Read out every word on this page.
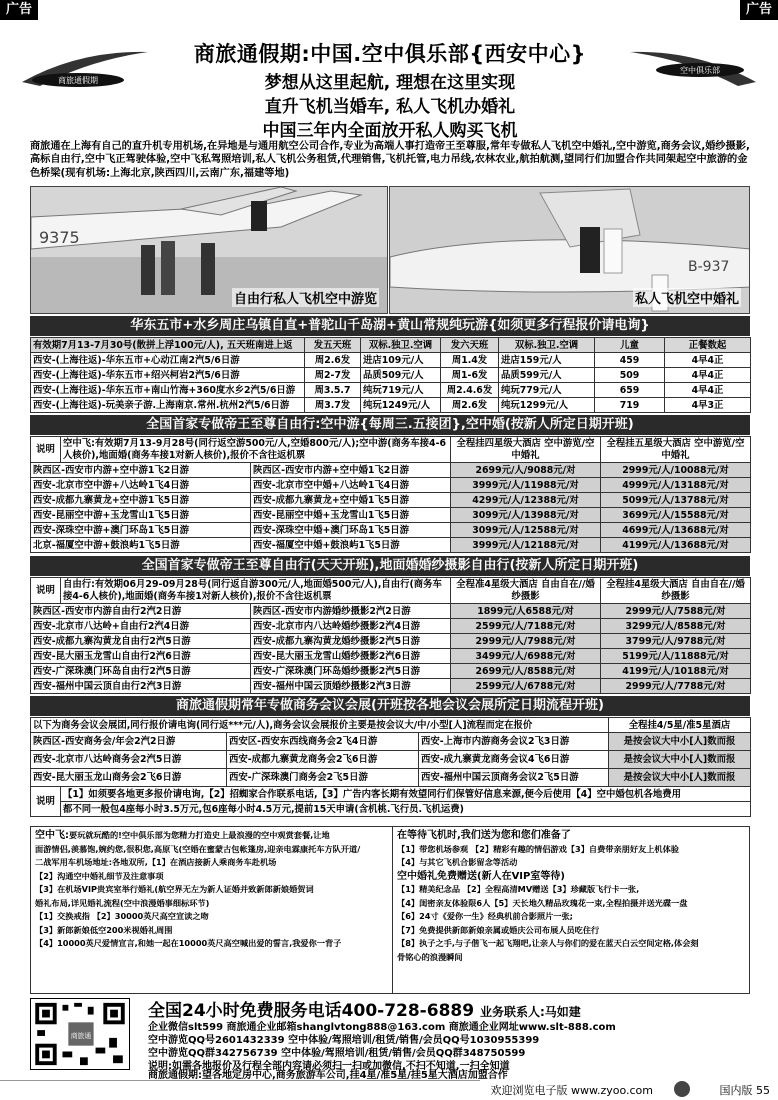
广告	广告
商旅通假期
商旅通假期:中国.空中俱乐部{西安中心}
梦想从这里起航, 理想在这里实现
直升飞机当婚车, 私人飞机办婚礼
中国三年内全面放开私人购买飞机
空中俱乐部
商旅通在上海有自己的直升机专用机场,在异地是与通用航空公司合作,专业为高端人事打造帝王至尊服,常年专做私人飞机空中婚礼,空中游览,商务会议,婚纱摄影,高标自由行,空中飞正驾驶体验,空中飞私驾照培训,私人飞机公务租赁,代理销售,飞机托管,电力吊线,农林农业,航拍航测,望同行们加盟合作共同架起空中旅游的金色桥梁(现有机场:上海北京,陕西四川,云南广东,福建等地)
9375
自由行私人飞机空中游览
B-937
私人飞机空中婚礼
华东五市+水乡周庄乌镇自直+普驼山千岛湖+黄山常规纯玩游{如须更多行程报价请电询}
有效期7月13-7月30号(散拼上浮100元/人), 五天班南进上返	发五天班	双标.独卫.空调	发六天班	双标.独卫.空调	儿童	正餐数起
西安-(上海往返)-华东五市+心动江南2汽5/6日游	周2.6发	进店109元/人	周1.4发	进店159元/人	459	4早4正
西安-(上海往返)-华东五市+绍兴柯岩2汽5/6日游	周2-7发	品质509元/人	周1-6发	品质599元/人	509	4早4正
西安-(上海往返)-华东五市+南山竹海+360度水乡2汽5/6日游	周3.5.7	纯玩719元/人	周2.4.6发	纯玩779元/人	659	4早4正
西安-(上海往返)-玩美亲子游.上海南京.常州.杭州2汽5/6日游	周3.7发	纯玩1249元/人	周2.6发	纯玩1299元/人	719	4早3正
全国首家专做帝王至尊自由行:空中游{每周三.五接团},空中婚(按新人所定日期开班)
说明	空中飞:有效期7月13-9月28号(同行返空游500元/人,空婚800元/人);空中游(商务车接4-6人核价),地面婚(商务车接1对新人核价),报价不含往返机票		全程挂四星级大酒店 空中游览/空中婚礼	全程挂五星级大酒店 空中游览/空中婚礼
陕西区-西安市内游+空中游1飞2日游		陕西区-西安市内游+空中婚1飞2日游	2699元/人/9088元/对	2999元/人/10088元/对
西安-北京市空中游+八达岭1飞4日游		西安-北京市空中婚+八达岭1飞4日游	3999元/人/11988元/对	4999元/人/13188元/对
西安-成都九寨黄龙+空中游1飞5日游		西安-成都九寨黄龙+空中婚1飞5日游	4299元/人/12388元/对	5099元/人/13788元/对
西安-昆丽空中游+玉龙雪山1飞5日游		西安-昆丽空中婚+玉龙雪山1飞5日游	3099元/人/13988元/对	3699元/人/15588元/对
西安-深珠空中游+澳门环岛1飞5日游		西安-深珠空中婚+澳门环岛1飞5日游	3099元/人/12588元/对	4699元/人/13688元/对
北京-福厦空中游+鼓浪屿1飞5日游		西安-福厦空中婚+鼓浪屿1飞5日游	3999元/人/12188元/对	4199元/人/13688元/对
全国首家专做帝王至尊自由行(天天开班),地面婚婚纱摄影自由行(按新人所定日期开班)
说明	自由行:有效期06月29-09月28号(同行返自游300元/人,地面婚500元/人),自由行(商务车接4-6人核价),地面婚(商务车接1对新人核价),报价不含往返机票		全程准4星级大酒店 自由自在//婚纱摄影	全程挂4星级大酒店 自由自在//婚纱摄影
陕西区-西安市内游自由行2汽2日游		陕西区-西安市内游婚纱摄影2汽2日游	1899元/人6588元/对	2999元/人/7588元/对
西安-北京市八达岭+自由行2汽4日游		西安-北京市内八达岭婚纱摄影2汽4日游	2599元/人/7188元/对	3299元/人/8588元/对
西安-成都九寨沟黄龙自由行2汽5日游		西安-成都九寨沟黄龙婚纱摄影2汽5日游	2999元/人/7988元/对	3799元/人/9788元/对
西安-昆大丽玉龙雪山自由行2汽6日游		西安-昆大丽玉龙雪山婚纱摄影2汽6日游	3499元/人/6988元/对	5199元/人/11888元/对
西安-广深珠澳门环岛自由行2汽5日游		西安-广深珠澳门环岛婚纱摄影2汽5日游	2699元/人/8588元/对	4199元/人/10188元/对
西安-福州中国云顶自由行2汽3日游		西安-福州中国云顶婚纱摄影2汽3日游	2599元/人/6788元/对	2999元/人/7788元/对
商旅通假期常年专做商务会议会展(开班按各地会议会展所定日期流程开班)
以下为商务会议会展团,同行报价请电询(同行返***元/人),商务会议会展报价主要是按会议大/中/小型[人]流程而定在报价				全程挂4/5星/准5星酒店
陕西区-西安商务会/年会2汽2日游		西安区-西安东西线商务会2飞4日游	西安-上海市内游商务会议2飞3日游	是按会议大中小[人]数而报
西安-北京市八达岭商务会2汽5日游		西安-成都九寨黄龙商务会2飞6日游	西安-成九寨黄龙商务会议4飞6日游	是按会议大中小[人]数而报
西安-昆大丽玉龙山商务会2飞6日游		西安-广深珠澳门商务会2飞5日游	西安-福州中国云顶商务会议2飞5日游	是按会议大中小[人]数而报
说明	【1】如须要各地更多报价请电询,【2】招蜘家合作联系电话,【3】广告内客长期有效望同行们保管好信息来源,便今后使用【4】空中婚包机各地费用			
	都不同一般包4座每小时3.5万元,包6座每小时4.5万元,提前15天申请(含机桃.飞行员.飞机运费)			

空中飞:要玩就玩酷的!空中俱乐部为您精力打造史上最浪漫的空中观赏套餐,让地

面游情侣,羡慕饱,婉约您,很积您,高原飞(空婚在蜜蒙古包帐篷房,迎亲电霖康托车方队开道/

二战军用车机场地址:各地双所,【1】在酒店接新人乘商务车赴机场

【2】沟通空中婚礼细节及注意事项

【3】在机场VIP贵宾室举行婚礼(航空界无左为新人证婚并致新郎新娘婚贺词

婚礼布局,详见婚礼流程(空中浪漫婚事细标环节)

【1】交换戒指 【2】30000英尺高空宣读之吻

【3】新郎新娘低空200米视婚礼周围

【4】10000英尺爱情宣言,和她一起在10000英尺高空喊出爱的誓言,我爱你一背子

在等待飞机时,我们送为您和您们准备了

【1】带您机场参观 【2】精彩有趣的情侣游戏【3】自费带亲朋好友上机体验

【4】与其它飞机合影留念等活动

空中婚礼免费赠送(新人在VIP室等待)

【1】精美纪念品 【2】全程高清MV赠送【3】珍藏版飞行卡一张,

【4】闺密亲友体验限6人【5】天长地久精品玫瑰花一束,全程拍摄并送光碟一盘

【6】24寸《爱你一生》经典机前合影照片一张;

【7】免费提供新郎新娘亲属或婚庆公司布展人员吃住行

【8】执子之手,与子偕飞一起飞翔吧,让亲人与你们的爱在蓝天白云空间定格,体会刻

骨铭心的浪漫瞬间

商旅通
全国24小时免费服务电话400-728-6889 业务联系人:马如建
企业微信slt599 商旅通企业邮箱shanglvtong888@163.com 商旅通企业网址www.slt-888.com
空中游览QQ号2601432339 空中体验/驾照培训/租赁/销售/会员QQ号1030955399
空中游览QQ群342756739 空中体验/驾照培训/租赁/销售/会员QQ群348750599
说明:如需各地报价及行程全部内容请必须扫一扫或加微信,不扫不知道,一扫全知道
商旅通假期:望各地定房中心,商务旅游车公司,挂4星/准5星/挂5星大酒店加盟合作
欢迎浏览电子版 www.zyoo.com	国内版 55
